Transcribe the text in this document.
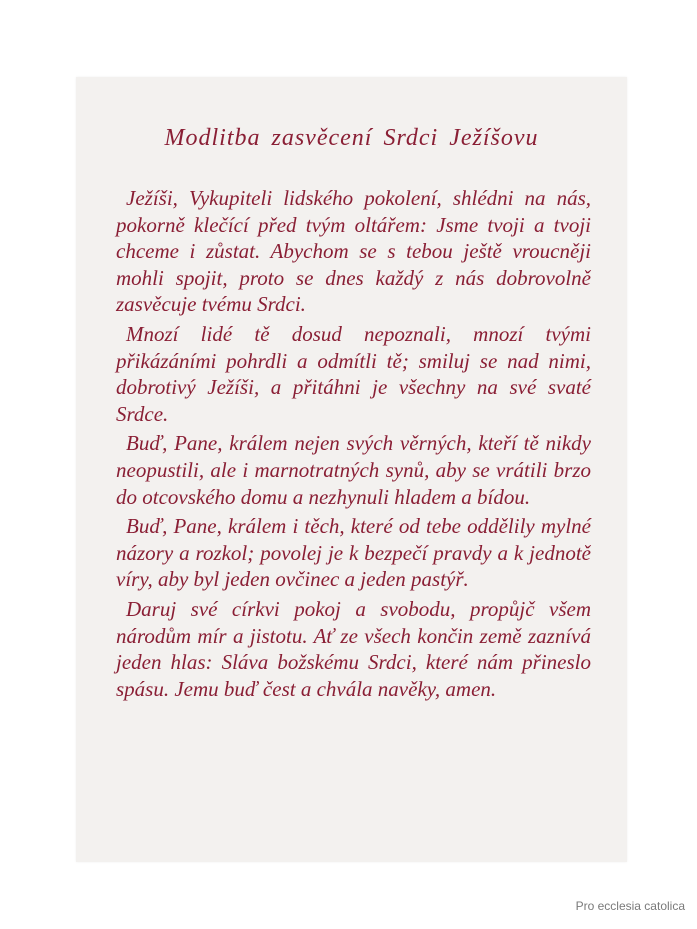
Modlitba zasvěcení Srdci Ježíšovu

Ježíši, Vykupiteli lidského pokolení, shlédni na nás, pokorně klečící před tvým oltářem: Jsme tvoji a tvoji chceme i zůstat. Abychom se s tebou ještě vroucněji mohli spojit, proto se dnes každý z nás dobrovolně zasvěcuje tvému Srdci.

Mnozí lidé tě dosud nepoznali, mnozí tvými přikázáními pohrdli a odmítli tě; smiluj se nad nimi, dobrotivý Ježíši, a přitáhni je všechny na své svaté Srdce.

Buď, Pane, králem nejen svých věrných, kteří tě nikdy neopustili, ale i marnotratných synů, aby se vrátili brzo do otcovského domu a nezhynuli hladem a bídou.

Buď, Pane, králem i těch, které od tebe oddělily mylné názory a rozkol; povolej je k bezpečí pravdy a k jednotě víry, aby byl jeden ovčinec a jeden pastýř.

Daruj své církvi pokoj a svobodu, propůjč všem národům mír a jistotu. Ať ze všech končin země zaznívá jeden hlas: Sláva božskému Srdci, které nám přineslo spásu. Jemu buď čest a chvála navěky, amen.

Pro ecclesia catolica
